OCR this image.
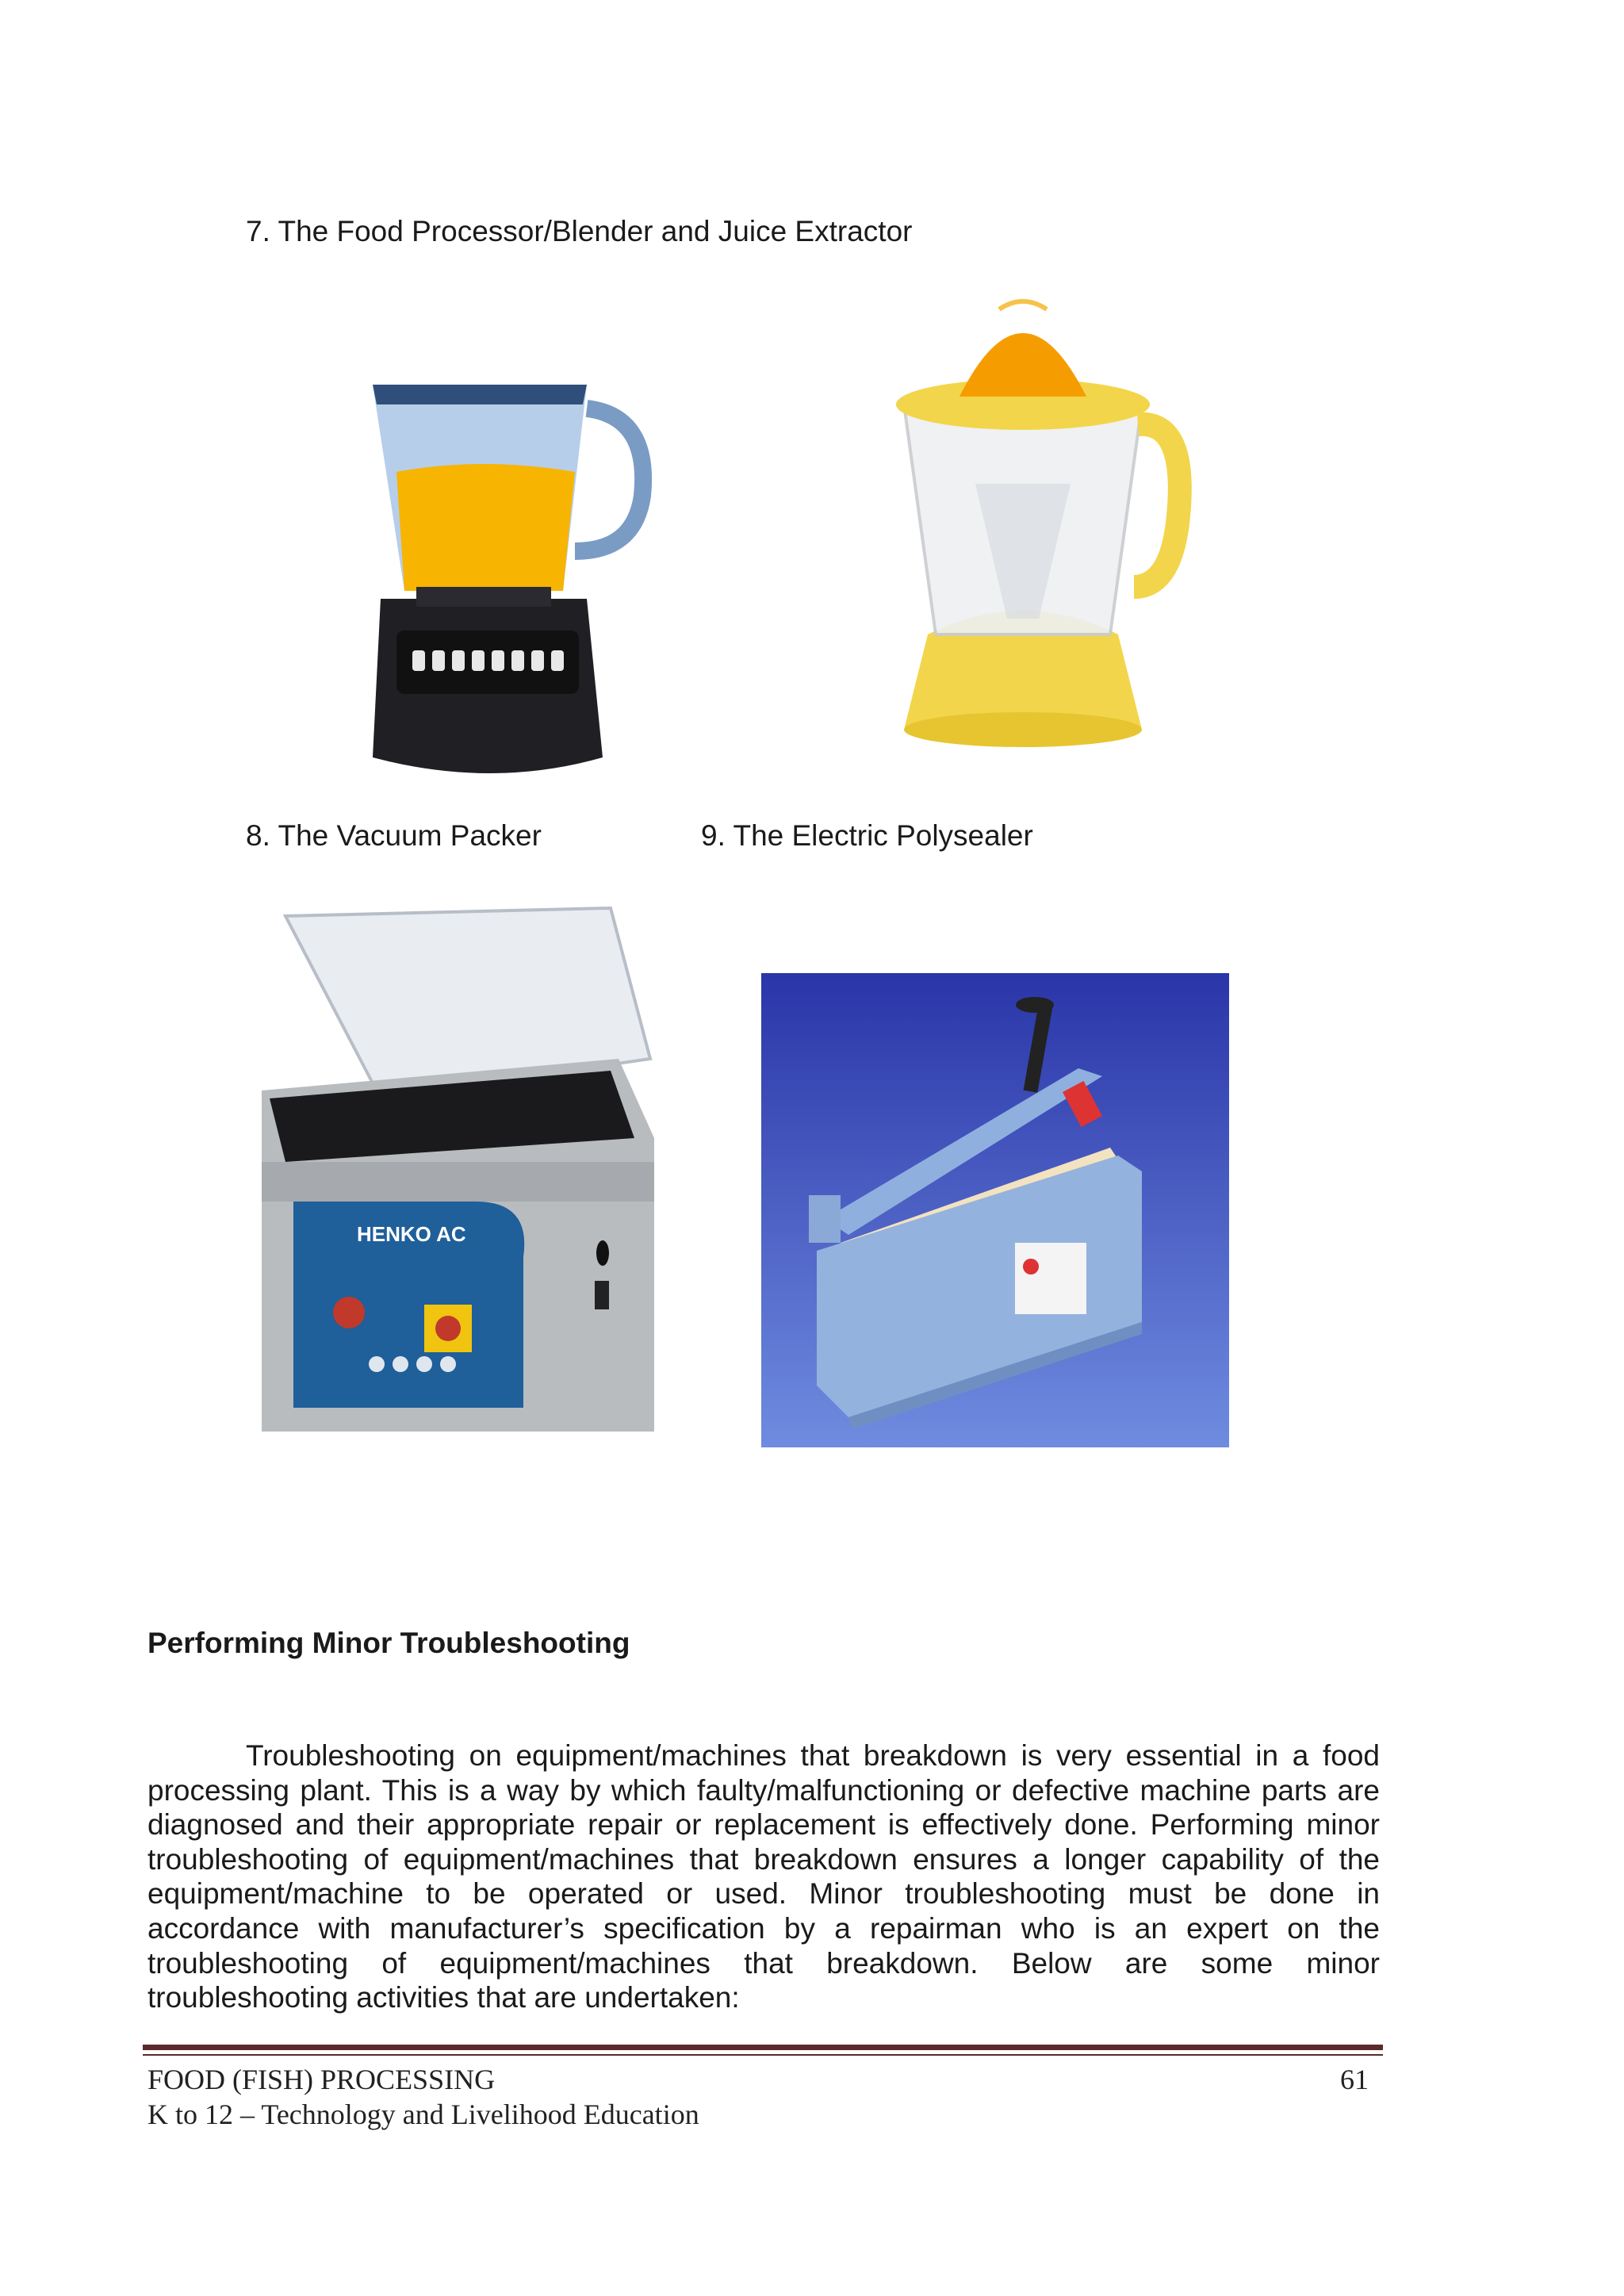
7. The Food Processor/Blender and Juice Extractor
8. The Vacuum Packer	9. The Electric Polysealer
HENKO AC
Performing Minor Troubleshooting
Troubleshooting on equipment/machines that breakdown is very essential in a food processing plant. This is a way by which faulty/malfunctioning or defective machine parts are diagnosed and their appropriate repair or replacement is effectively done. Performing minor troubleshooting of equipment/machines that breakdown ensures a longer capability of the equipment/machine to be operated or used. Minor troubleshooting must be done in accordance with manufacturer’s specification by a repairman who is an expert on the troubleshooting of equipment/machines that breakdown. Below are some minor troubleshooting activities that are undertaken:
FOOD (FISH) PROCESSING
K to 12 – Technology and Livelihood Education
61
